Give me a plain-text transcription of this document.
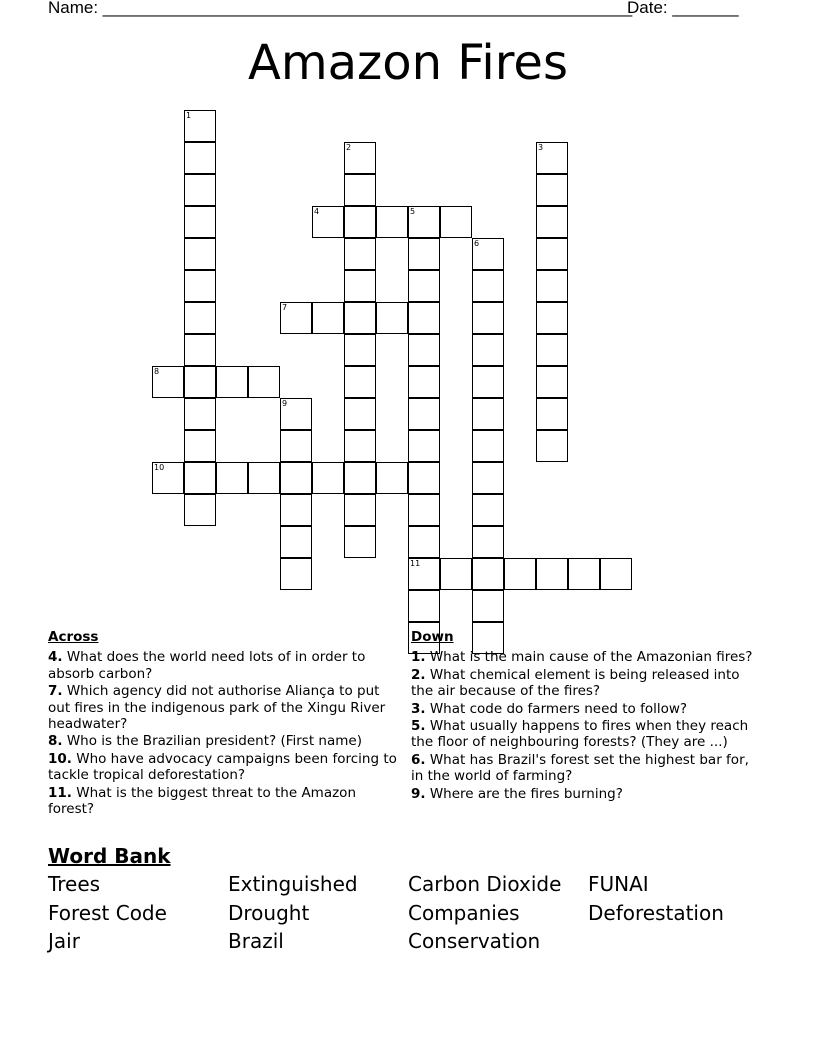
Name: ________________________________________________________
Date: _______
Amazon Fires
1
2	3
4	5
11
6
7
8
9
10
Across
4. What does the world need lots of in order to absorb carbon?
7. Which agency did not authorise Aliança to put out fires in the indigenous park of the Xingu River headwater?
8. Who is the Brazilian president? (First name)
10. Who have advocacy campaigns been forcing to tackle tropical deforestation?
11. What is the biggest threat to the Amazon forest?
Down
1. What is the main cause of the Amazonian fires?
2. What chemical element is being released into the air because of the fires?
3. What code do farmers need to follow?
5. What usually happens to fires when they reach the floor of neighbouring forests? (They are ...)
6. What has Brazil's forest set the highest bar for, in the world of farming?
9. Where are the fires burning?
Word Bank
Trees	Extinguished	Carbon Dioxide	FUNAI
Forest Code	Drought	Companies	Deforestation
Jair	Brazil	Conservation
